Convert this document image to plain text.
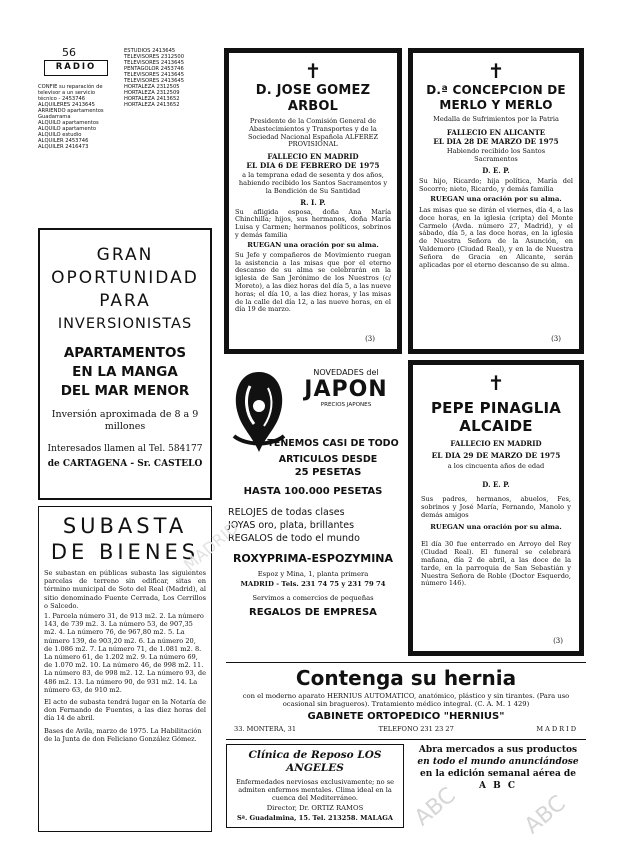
56
RADIO
CONFIE su reparación de televisor a un servicio
técnico - 2453746
ALQUILERES 2413645
ARRIENDO apartamentos Guadarrama
ALQUILO apartamentos
ALQUILO apartamento
ALQUILO estudio
ALQUILER 2453746
ALQUILER 2416473
ESTUDIOS 2413645
TELEVISORES 2312500
TELEVISORES 2413645
PENTAGOLOR 2453746
TELEVISORES 2413645
TELEVISORES 2413645
HORTALEZA 2312505
HORTALEZA 2312509
HORTALEZA 2413652
HORTALEZA 2413652
GRAN
OPORTUNIDAD
PARA
INVERSIONISTAS
APARTAMENTOS
EN LA MANGA
DEL MAR MENOR
Inversión aproximada de 8 a 9 millones
Interesados llamen al Tel. 584177
de CARTAGENA - Sr. CASTELO
SUBASTA
DE BIENES
Se subastan en públicas subasta las siguientes parcelas de terreno sin edificar, sitas en término municipal de Soto del Real (Madrid), al sitio denominado Fuente Cerrada, Los Cerrillos o Salcedo.
1. Parcela número 31, de 913 m2. 2. La número 143, de 739 m2. 3. La número 53, de 907,35 m2. 4. La número 76, de 967,80 m2. 5. La número 139, de 903,20 m2. 6. La número 20, de 1.086 m2. 7. La número 71, de 1.081 m2. 8. La número 61, de 1.202 m2. 9. La número 69, de 1.070 m2. 10. La número 46, de 998 m2. 11. La número 83, de 998 m2. 12. La número 93, de 486 m2. 13. La número 90, de 931 m2. 14. La número 63, de 910 m2.
El acto de subasta tendrá lugar en la Notaría de don Fernando de Fuentes, a las diez horas del día 14 de abril.
Bases de Avila, marzo de 1975. La Habilitación de la Junta de don Feliciano González Gómez.
✝
D. JOSE GOMEZ ARBOL
Presidente de la Comisión General de Abastecimientos y Transportes y de la Sociedad Nacional Española ALFEREZ PROVISIONAL
FALLECIO EN MADRID
EL DIA 6 DE FEBRERO DE 1975
a la temprana edad de sesenta y dos años, habiendo recibido los Santos Sacramentos y la Bendición de Su Santidad
R. I. P.
Su afligida esposa, doña Ana María Chinchilla; hijos, sus hermanos, doña María Luisa y Carmen; hermanos políticos, sobrinos y demás familia
RUEGAN una oración por su alma.
Su Jefe y compañeros de Movimiento ruegan la asistencia a las misas que por el eterno descanso de su alma se celebrarán en la iglesia de San Jerónimo de los Nuestros (c/ Moreto), a las diez horas del día 5, a las nueve horas; el día 10, a las diez horas, y las misas de la calle del día 12, a las nueve horas, en el día 19 de marzo.
(3)
✝
D.ª CONCEPCION DE MERLO Y MERLO
Medalla de Sufrimientos por la Patria
FALLECIO EN ALICANTE
EL DIA 28 DE MARZO DE 1975
Habiendo recibido los Santos Sacramentos
D. E. P.
Su hijo, Ricardo; hija política, María del Socorro; nieto, Ricardo, y demás familia
RUEGAN una oración por su alma.
Las misas que se dirán el viernes, día 4, a las doce horas, en la iglesia (cripta) del Monte Carmelo (Avda. número 27, Madrid), y el sábado, día 5, a las doce horas, en la iglesia de Nuestra Señora de la Asunción, en Valdemoro (Ciudad Real), y en la de Nuestra Señora de Gracia en Alicante, serán aplicadas por el eterno descanso de su alma.
(3)
NOVEDADES del
JAPON
PRECIOS JAPONES
TENEMOS CASI DE TODO
ARTICULOS DESDE
25 PESETAS
HASTA 100.000 PESETAS
RELOJES de todas clases
JOYAS oro, plata, brillantes
REGALOS de todo el mundo
ROXYPRIMA-ESPOZYMINA
Espoz y Mina, 1, planta primera
MADRID - Tels. 231 74 75 y 231 79 74
Servimos a comercios de pequeñas
REGALOS DE EMPRESA
✝
PEPE PINAGLIA
ALCAIDE
FALLECIO EN MADRID
EL DIA 29 DE MARZO DE 1975
a los cincuenta años de edad
D. E. P.
Sus padres, hermanos, abuelos, Fes, sobrinos y José María, Fernando, Manolo y demás amigos
RUEGAN una oración por su alma.
El día 30 fue enterrado en Arroyo del Rey (Ciudad Real). El funeral se celebrará mañana, día 2 de abril, a las doce de la tarde, en la parroquia de San Sebastián y Nuestra Señora de Roble (Doctor Esquerdo, número 146).
(3)
Contenga su hernia
con el moderno aparato HERNIUS AUTOMATICO, anatómico, plástico y sin tirantes. (Para uso ocasional sin bragueros). Tratamiento médico integral. (C. A. M. 1 429)
GABINETE ORTOPEDICO "HERNIUS"
33. MONTERA, 31	TELEFONO 231 23 27	MADRID
Clínica de Reposo LOS ANGELES
Enfermedades nerviosas exclusivamente; no se admiten enfermos mentales. Clima ideal en la cuenca del Mediterráneo.
Director, Dr. ORTIZ RAMOS
Sª. Guadalmina, 15. Tel. 213258. MALAGA
Abra mercados a sus productos
en todo el mundo anunciándose
en la edición semanal aérea de
A B C
ABC	ABC
MADRID
